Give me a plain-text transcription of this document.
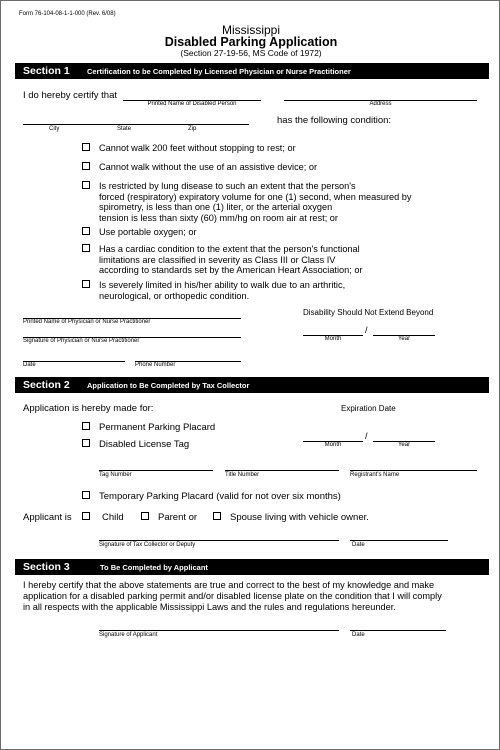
Form 76-104-08-1-1-000 (Rev. 6/08)
Mississippi
Disabled Parking Application
(Section 27-19-56, MS Code of 1972)
Section 1 Certification to be Completed by Licensed Physician or Nurse Practitioner
I do hereby certify that
Printed Name of Disabled Person	Address
City	State	Zip
has the following condition:
Cannot walk 200 feet without stopping to rest; or
Cannot walk without the use of an assistive device; or
Is restricted by lung disease to such an extent that the person's
forced (respiratory) expiratory volume for one (1) second, when measured by
spirometry, is less than one (1) liter, or the arterial oxygen
tension is less than sixty (60) mm/hg on room air at rest; or
Use portable oxygen; or
Has a cardiac condition to the extent that the person's functional
limitations are classified in severity as Class III or Class IV
according to standards set by the American Heart Association; or
Is severely limited in his/her ability to walk due to an arthritic,
neurological, or orthopedic condition.
Printed Name of Physician or Nurse Practitioner
Disability Should Not Extend Beyond
Month
/
Year
Signature of Physician or Nurse Practitioner
Date	Phone Number
Section 2 Application to Be Completed by Tax Collector
Application is hereby made for:	Expiration Date
Permanent Parking Placard
Disabled License Tag	Month
/
Year
Tag Number	Title Number	Registrant's Name
Temporary Parking Placard (valid for not over six months)
Applicant is	Child	Parent or	Spouse living with vehicle owner.
Signature of Tax Collector or Deputy	Date
Section 3	To Be Completed by Applicant
I hereby certify that the above statements are true and correct to the best of my knowledge and make
application for a disabled parking permit and/or disabled license plate on the condition that I will comply
in all respects with the applicable Mississippi Laws and the rules and regulations hereunder.
Signature of Applicant	Date
